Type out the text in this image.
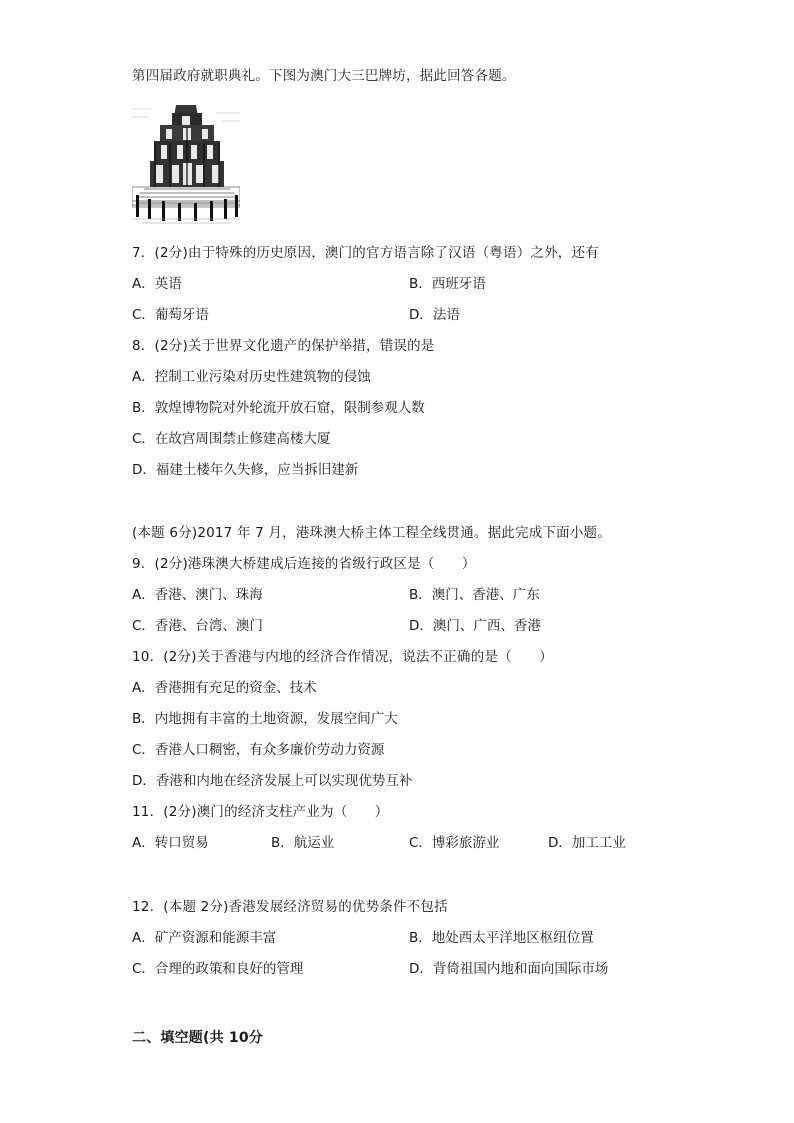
第四届政府就职典礼。下图为澳门大三巴牌坊，据此回答各题。
7．(2分)由于特殊的历史原因，澳门的官方语言除了汉语（粤语）之外，还有
A．英语	B．西班牙语
C．葡萄牙语	D．法语
8．(2分)关于世界文化遗产的保护举措，错误的是
A．控制工业污染对历史性建筑物的侵蚀
B．敦煌博物院对外轮流开放石窟，限制参观人数
C．在故宫周围禁止修建高楼大厦
D．福建土楼年久失修，应当拆旧建新
(本题 6分)2017 年 7 月，港珠澳大桥主体工程全线贯通。据此完成下面小题。
9．(2分)港珠澳大桥建成后连接的省级行政区是（　　）
A．香港、澳门、珠海	B．澳门、香港、广东
C．香港、台湾、澳门	D．澳门、广西、香港
10．(2分)关于香港与内地的经济合作情况，说法不正确的是（　　）
A．香港拥有充足的资金、技术
B．内地拥有丰富的土地资源，发展空间广大
C．香港人口稠密，有众多廉价劳动力资源
D．香港和内地在经济发展上可以实现优势互补
11．(2分)澳门的经济支柱产业为（　　）
A．转口贸易	B．航运业	C．博彩旅游业	D．加工工业
12．(本题 2分)香港发展经济贸易的优势条件不包括
A．矿产资源和能源丰富	B．地处西太平洋地区枢纽位置
C．合理的政策和良好的管理	D．背倚祖国内地和面向国际市场
二、填空题(共 10分
